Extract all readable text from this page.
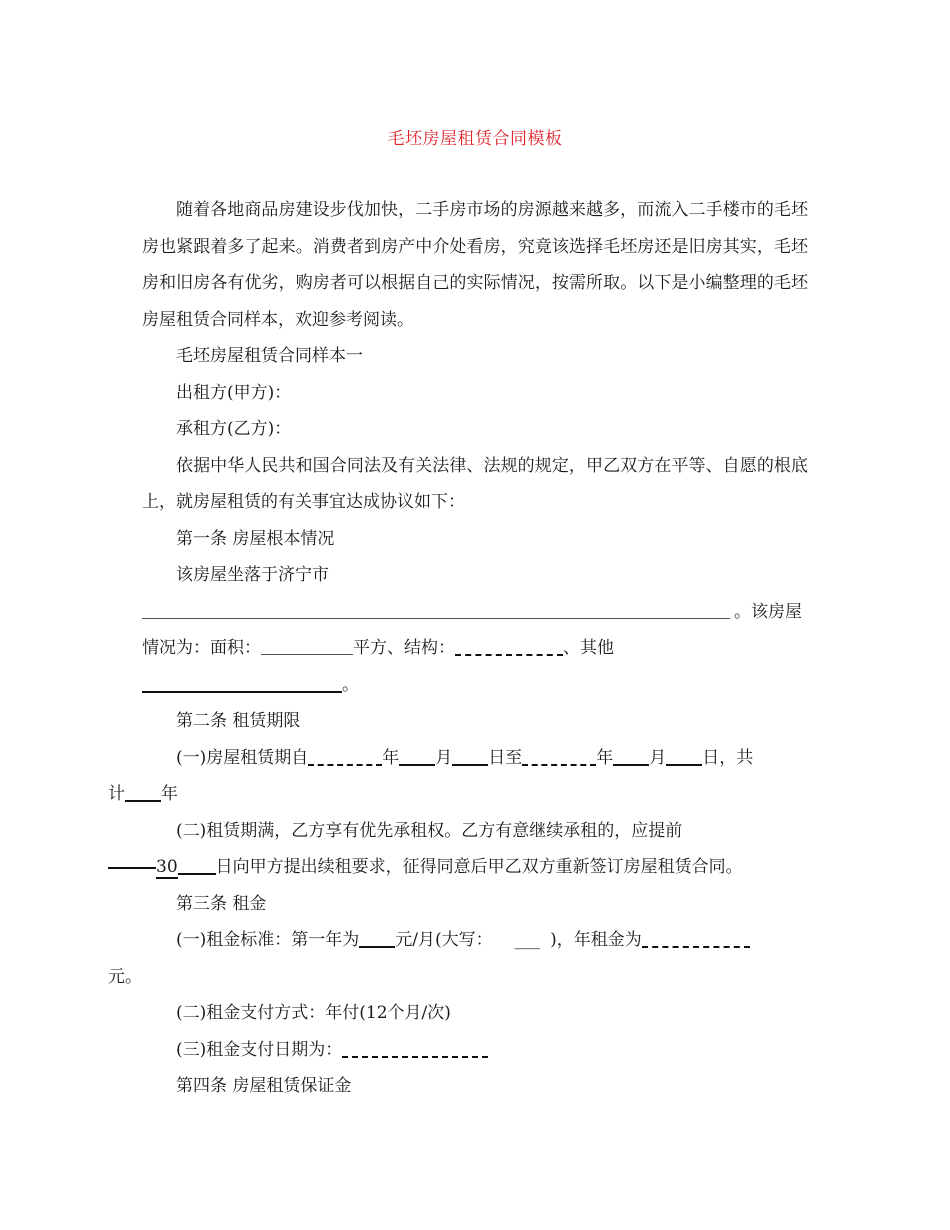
毛坯房屋租赁合同模板

随着各地商品房建设步伐加快，二手房市场的房源越来越多，而流入二手楼市的毛坯房也紧跟着多了起来。消费者到房产中介处看房，究竟该选择毛坯房还是旧房其实，毛坯房和旧房各有优劣，购房者可以根据自己的实际情况，按需所取。以下是小编整理的毛坯房屋租赁合同样本，欢迎参考阅读。

毛坯房屋租赁合同样本一

出租方(甲方)：

承租方(乙方)：

依据中华人民共和国合同法及有关法律、法规的规定，甲乙双方在平等、自愿的根底上，就房屋租赁的有关事宜达成协议如下：

第一条 房屋根本情况

该房屋坐落于济宁市

。该房屋
情况为：面积：	平方、结构：	、其他
。

第二条 租赁期限

(一)房屋租赁期自	年 月 日至	年 月 日，共
计 年

(二)租赁期满，乙方享有优先承租权。乙方有意继续承租的，应提前
30 日向甲方提出续租要求，征得同意后甲乙双方重新签订房屋租赁合同。

第三条 租金

(一)租金标准：第一年为 元/月(大写： ___ )，年租金为
元。

(二)租金支付方式：年付(12个月/次)

(三)租金支付日期为：

第四条 房屋租赁保证金
